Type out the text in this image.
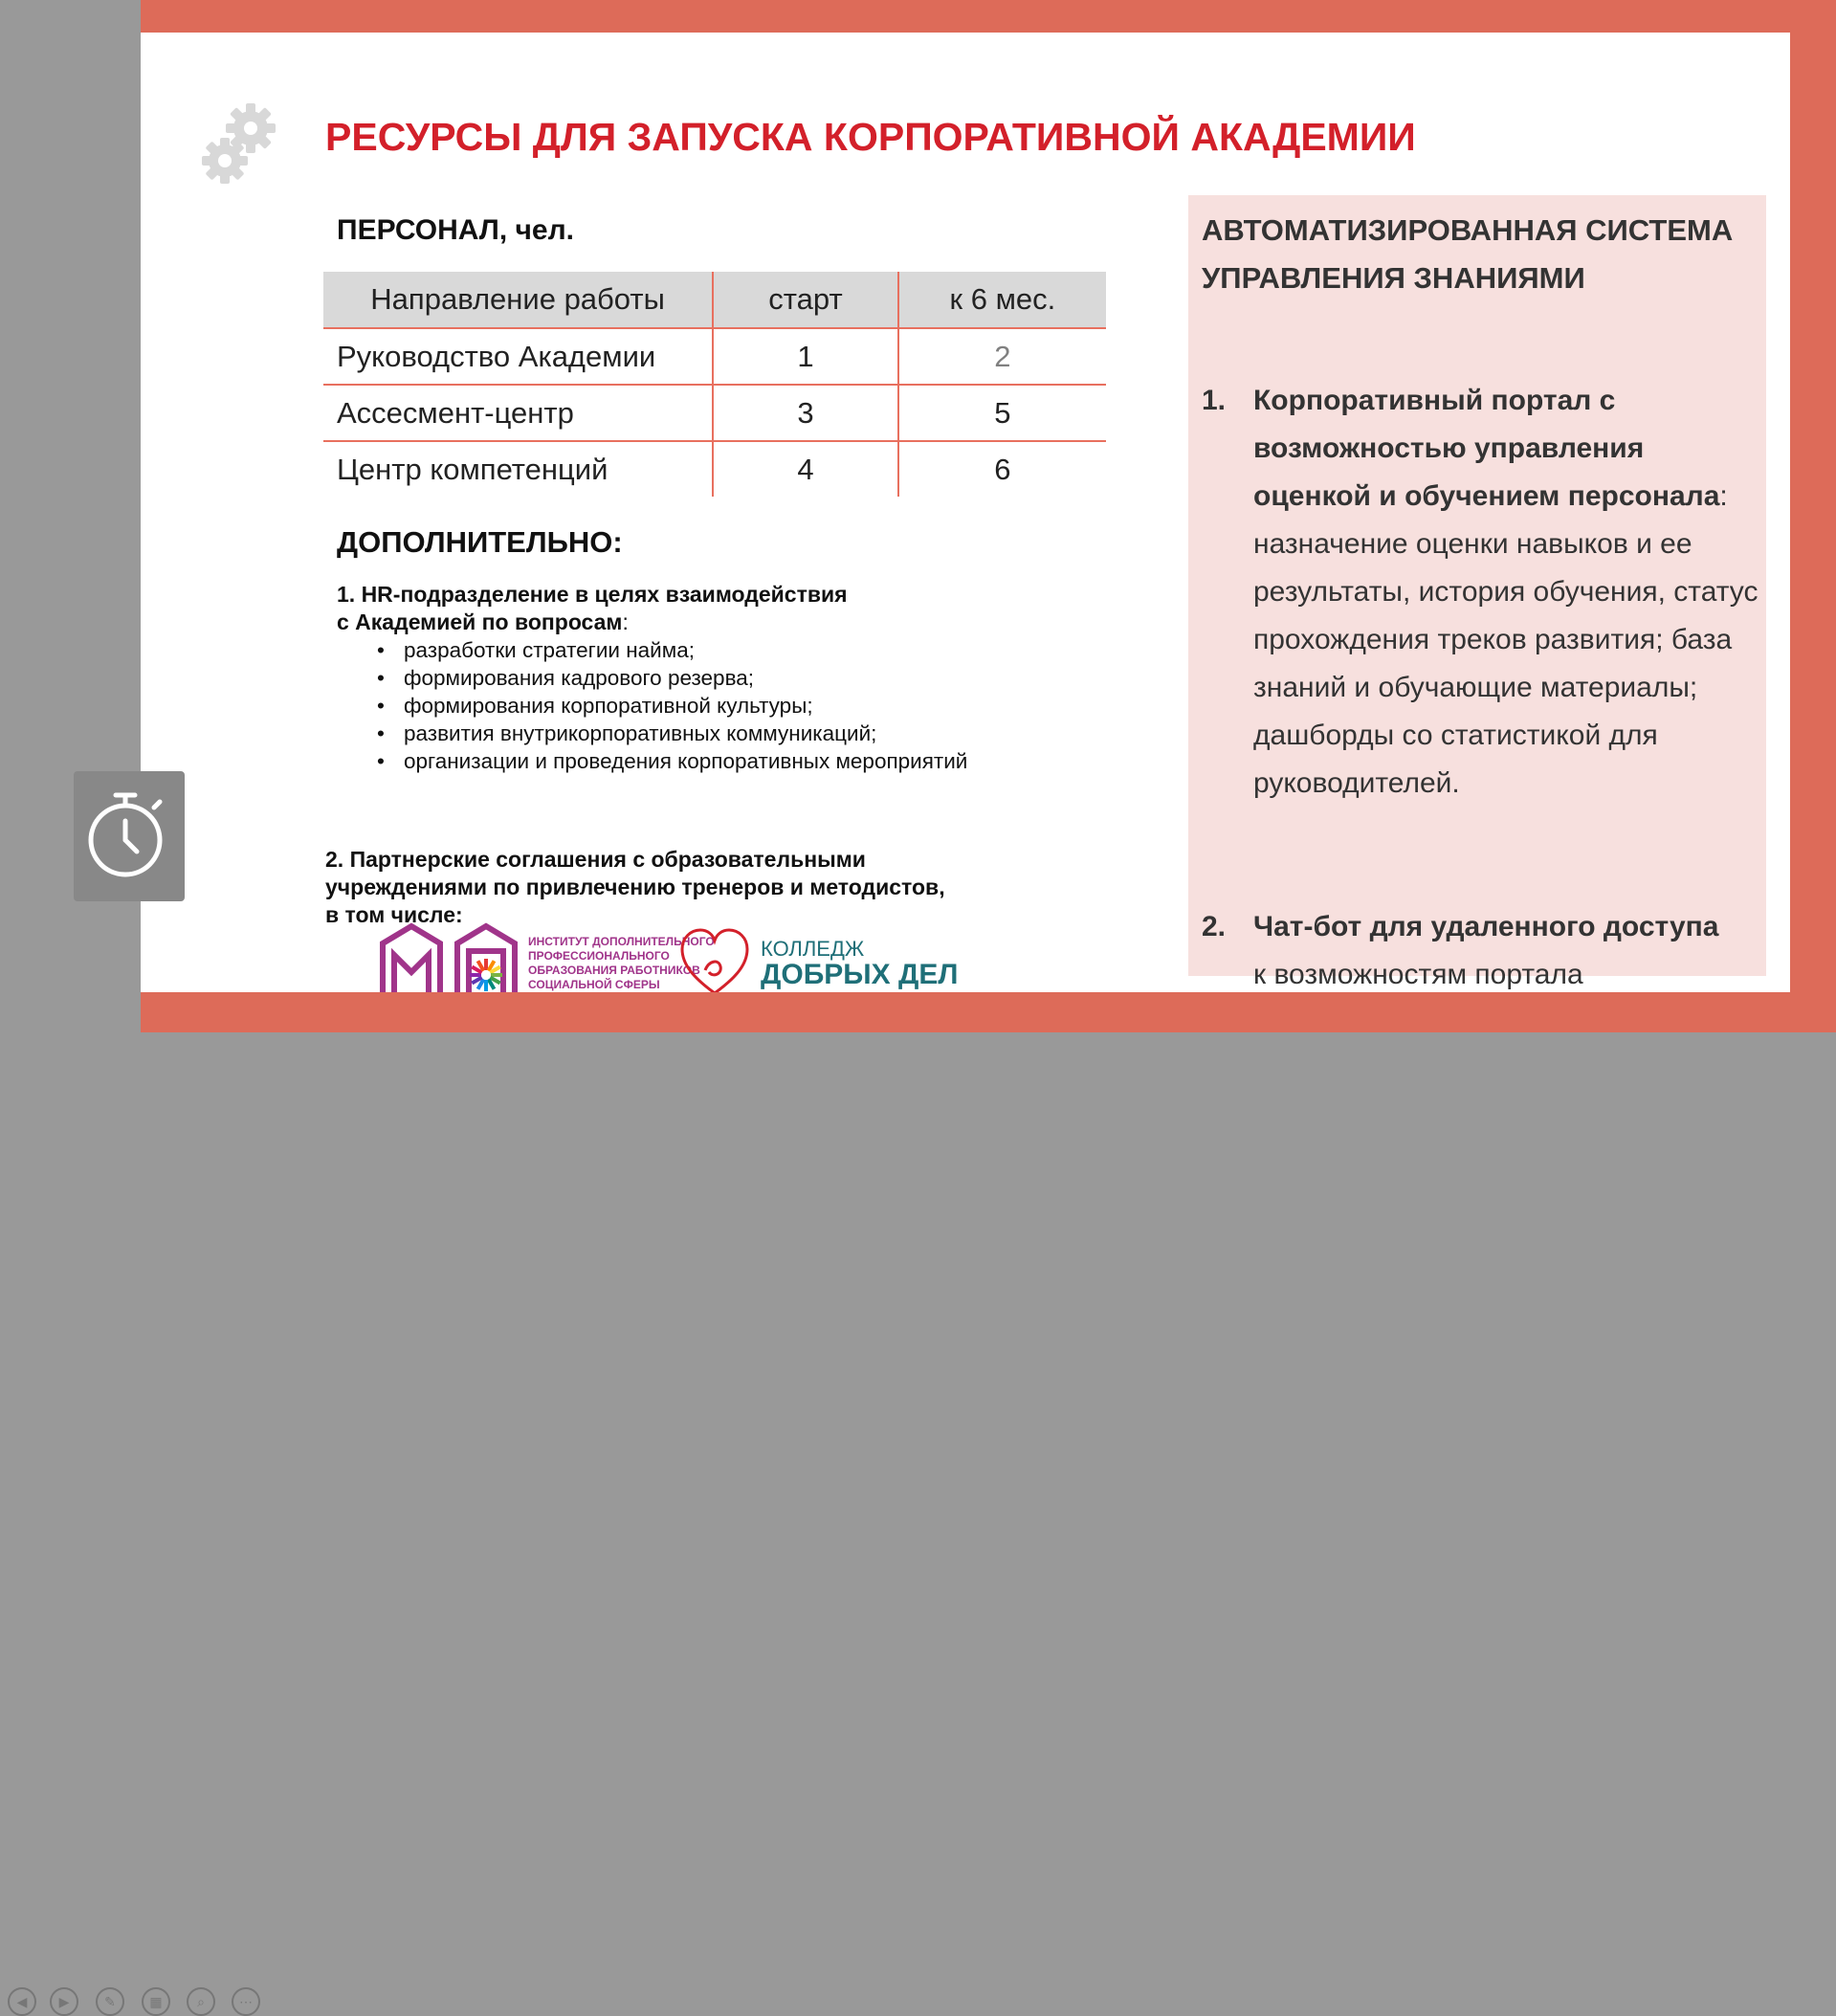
РЕСУРСЫ ДЛЯ ЗАПУСКА КОРПОРАТИВНОЙ АКАДЕМИИ
ПЕРСОНАЛ, чел.
Направление работы	старт	к 6 мес.
Руководство Академии	1	2
Ассесмент-центр	3	5
Центр компетенций	4	6
ДОПОЛНИТЕЛЬНО:
1. HR-подразделение в целях взаимодействия
с Академией по вопросам:
• разработки стратегии найма;
• формирования кадрового резерва;
• формирования корпоративной культуры;
• развития внутрикорпоративных коммуникаций;
• организации и проведения корпоративных мероприятий
2. Партнерские соглашения с образовательными
учреждениями по привлечению тренеров и методистов,
в том числе:
ИНСТИТУТ ДОПОЛНИТЕЛЬНОГО
ПРОФЕССИОНАЛЬНОГО
ОБРАЗОВАНИЯ РАБОТНИКОВ
СОЦИАЛЬНОЙ СФЕРЫ
КОЛЛЕДЖ
ДОБРЫХ ДЕЛ
АВТОМАТИЗИРОВАННАЯ СИСТЕМА УПРАВЛЕНИЯ ЗНАНИЯМИ
1. Корпоративный портал с возможностью управления оценкой и обучением персонала:
назначение оценки навыков и ее результаты, история обучения, статус прохождения треков развития; база знаний и обучающие материалы; дашборды со статистикой для руководителей.
2. Чат-бот для удаленного доступа
к возможностям портала
◀	▶	✎	▦	⌕	⋯
